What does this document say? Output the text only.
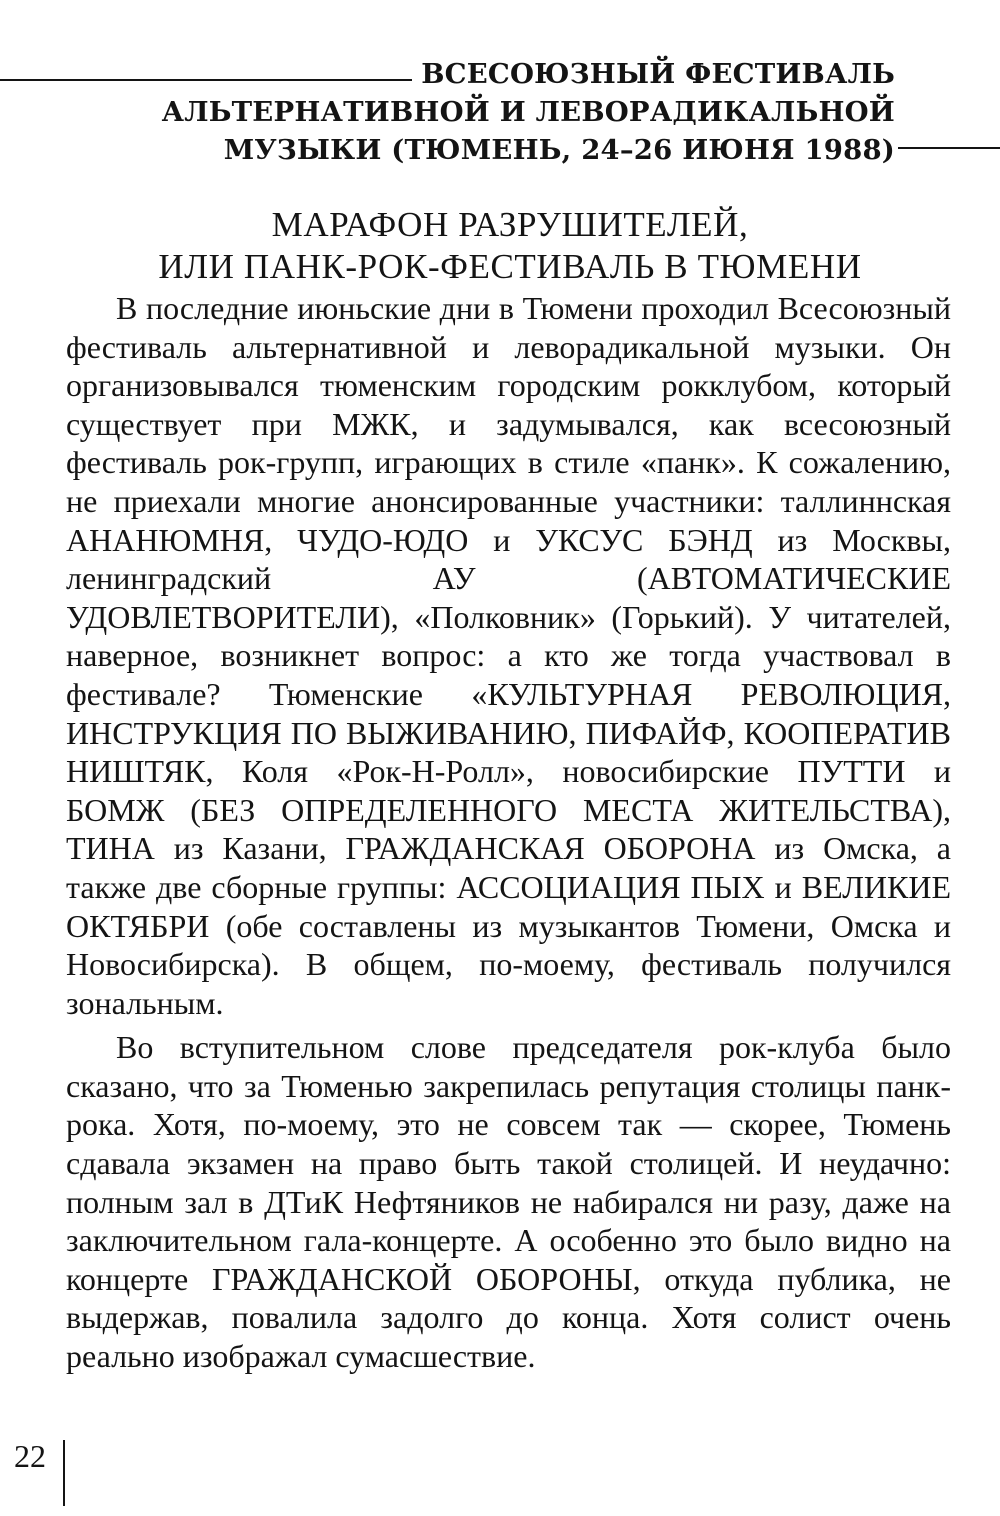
ВСЕСОЮЗНЫЙ ФЕСТИВАЛЬ
АЛЬТЕРНАТИВНОЙ И ЛЕВОРАДИКАЛЬНОЙ
МУЗЫКИ (ТЮМЕНЬ, 24–26 ИЮНЯ 1988)
МАРАФОН РАЗРУШИТЕЛЕЙ,
ИЛИ ПАНК-РОК-ФЕСТИВАЛЬ В ТЮМЕНИ

В последние июньские дни в Тюмени проходил Всесоюзный фестиваль альтернативной и леворадикальной музыки. Он организовывался тюменским городским рокклубом, который существует при МЖК, и задумывался, как всесоюзный фестиваль рок-групп, играющих в стиле «панк». К сожалению, не приехали многие анонсированные участники: таллиннская АНАНЮМНЯ, ЧУДО-ЮДО и УКСУС БЭНД из Москвы, ленинградский АУ (АВТОМАТИЧЕСКИЕ УДОВЛЕТВОРИТЕЛИ), «Полковник» (Горький). У читателей, наверное, возникнет вопрос: а кто же тогда участвовал в фестивале? Тюменские «КУЛЬТУРНАЯ РЕВОЛЮЦИЯ, ИНСТРУКЦИЯ ПО ВЫЖИВАНИЮ, ПИФАЙФ, КООПЕРАТИВ НИШТЯК, Коля «Рок-Н-Ролл», новосибирские ПУТТИ и БОМЖ (БЕЗ ОПРЕДЕЛЕННОГО МЕСТА ЖИТЕЛЬСТВА), ТИНА из Казани, ГРАЖДАНСКАЯ ОБОРОНА из Омска, а также две сборные группы: АССОЦИАЦИЯ ПЫХ и ВЕЛИКИЕ ОКТЯБРИ (обе составлены из музыкантов Тюмени, Омска и Новосибирска). В общем, по-моему, фестиваль получился зональным.

Во вступительном слове председателя рок-клуба было сказано, что за Тюменью закрепилась репутация столицы панк-рока. Хотя, по-моему, это не совсем так — скорее, Тюмень сдавала экзамен на право быть такой столицей. И неудачно: полным зал в ДТиК Нефтяников не набирался ни разу, даже на заключительном гала-концерте. А особенно это было видно на концерте ГРАЖДАНСКОЙ ОБОРОНЫ, откуда публика, не выдержав, повалила задолго до конца. Хотя солист очень реально изображал сумасшествие.

22
